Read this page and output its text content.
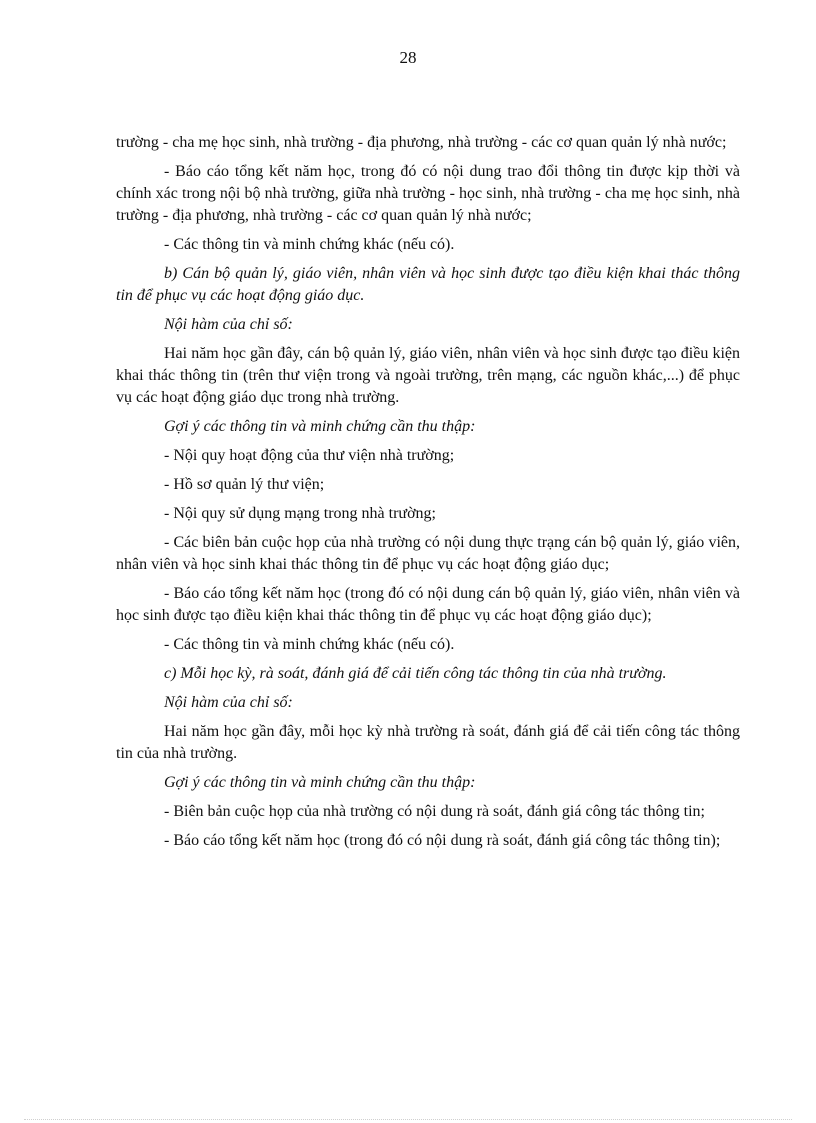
28

trường - cha mẹ học sinh, nhà trường - địa phương, nhà trường - các cơ quan quản lý nhà nước;

- Báo cáo tổng kết năm học, trong đó có nội dung trao đổi thông tin được kịp thời và chính xác trong nội bộ nhà trường, giữa nhà trường - học sinh, nhà trường - cha mẹ học sinh, nhà trường - địa phương, nhà trường - các cơ quan quản lý nhà nước;

- Các thông tin và minh chứng khác (nếu có).

b) Cán bộ quản lý, giáo viên, nhân viên và học sinh được tạo điều kiện khai thác thông tin để phục vụ các hoạt động giáo dục.

Nội hàm của chỉ số:

Hai năm học gần đây, cán bộ quản lý, giáo viên, nhân viên và học sinh được tạo điều kiện khai thác thông tin (trên thư viện trong và ngoài trường, trên mạng, các nguồn khác,...) để phục vụ các hoạt động giáo dục trong nhà trường.

Gợi ý các thông tin và minh chứng cần thu thập:

- Nội quy hoạt động của thư viện nhà trường;

- Hồ sơ quản lý thư viện;

- Nội quy sử dụng mạng trong nhà trường;

- Các biên bản cuộc họp của nhà trường có nội dung thực trạng cán bộ quản lý, giáo viên, nhân viên và học sinh khai thác thông tin để phục vụ các hoạt động giáo dục;

- Báo cáo tổng kết năm học (trong đó có nội dung cán bộ quản lý, giáo viên, nhân viên và học sinh được tạo điều kiện khai thác thông tin để phục vụ các hoạt động giáo dục);

- Các thông tin và minh chứng khác (nếu có).

c) Mỗi học kỳ, rà soát, đánh giá để cải tiến công tác thông tin của nhà trường.

Nội hàm của chỉ số:

Hai năm học gần đây, mỗi học kỳ nhà trường rà soát, đánh giá để cải tiến công tác thông tin của nhà trường.

Gợi ý các thông tin và minh chứng cần thu thập:

- Biên bản cuộc họp của nhà trường có nội dung rà soát, đánh giá công tác thông tin;

- Báo cáo tổng kết năm học (trong đó có nội dung rà soát, đánh giá công tác thông tin);
